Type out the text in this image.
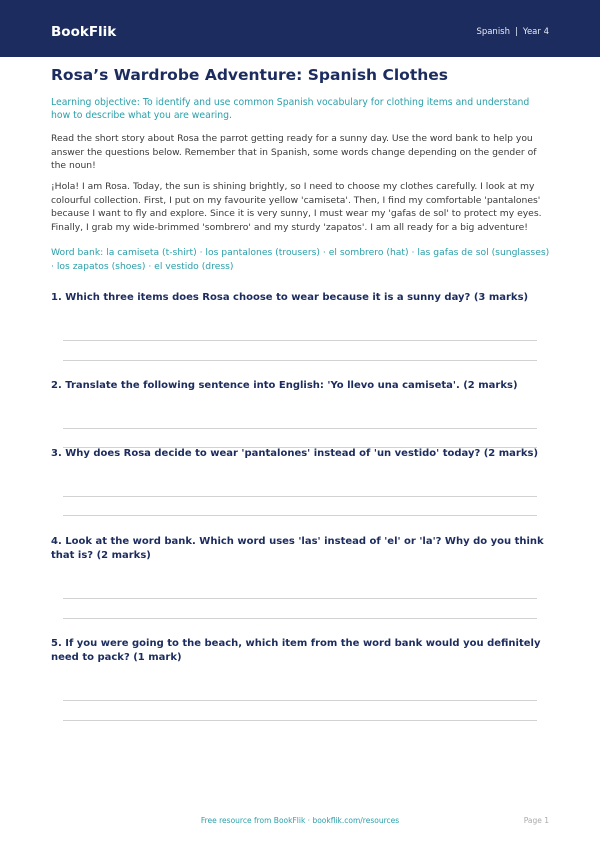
BookFlik	Spanish | Year 4
Rosa’s Wardrobe Adventure: Spanish Clothes
Learning objective: To identify and use common Spanish vocabulary for clothing items and understand how to describe what you are wearing.
Read the short story about Rosa the parrot getting ready for a sunny day. Use the word bank to help you answer the questions below. Remember that in Spanish, some words change depending on the gender of the noun!
¡Hola! I am Rosa. Today, the sun is shining brightly, so I need to choose my clothes carefully. I look at my colourful collection. First, I put on my favourite yellow 'camiseta'. Then, I find my comfortable 'pantalones' because I want to fly and explore. Since it is very sunny, I must wear my 'gafas de sol' to protect my eyes. Finally, I grab my wide-brimmed 'sombrero' and my sturdy 'zapatos'. I am all ready for a big adventure!
Word bank: la camiseta (t-shirt) · los pantalones (trousers) · el sombrero (hat) · las gafas de sol (sunglasses) · los zapatos (shoes) · el vestido (dress)
1. Which three items does Rosa choose to wear because it is a sunny day? (3 marks)
2. Translate the following sentence into English: 'Yo llevo una camiseta'. (2 marks)
3. Why does Rosa decide to wear 'pantalones' instead of 'un vestido' today? (2 marks)
4. Look at the word bank. Which word uses 'las' instead of 'el' or 'la'? Why do you think that is? (2 marks)
5. If you were going to the beach, which item from the word bank would you definitely need to pack? (1 mark)
Free resource from BookFlik · bookflik.com/resources	Page 1
